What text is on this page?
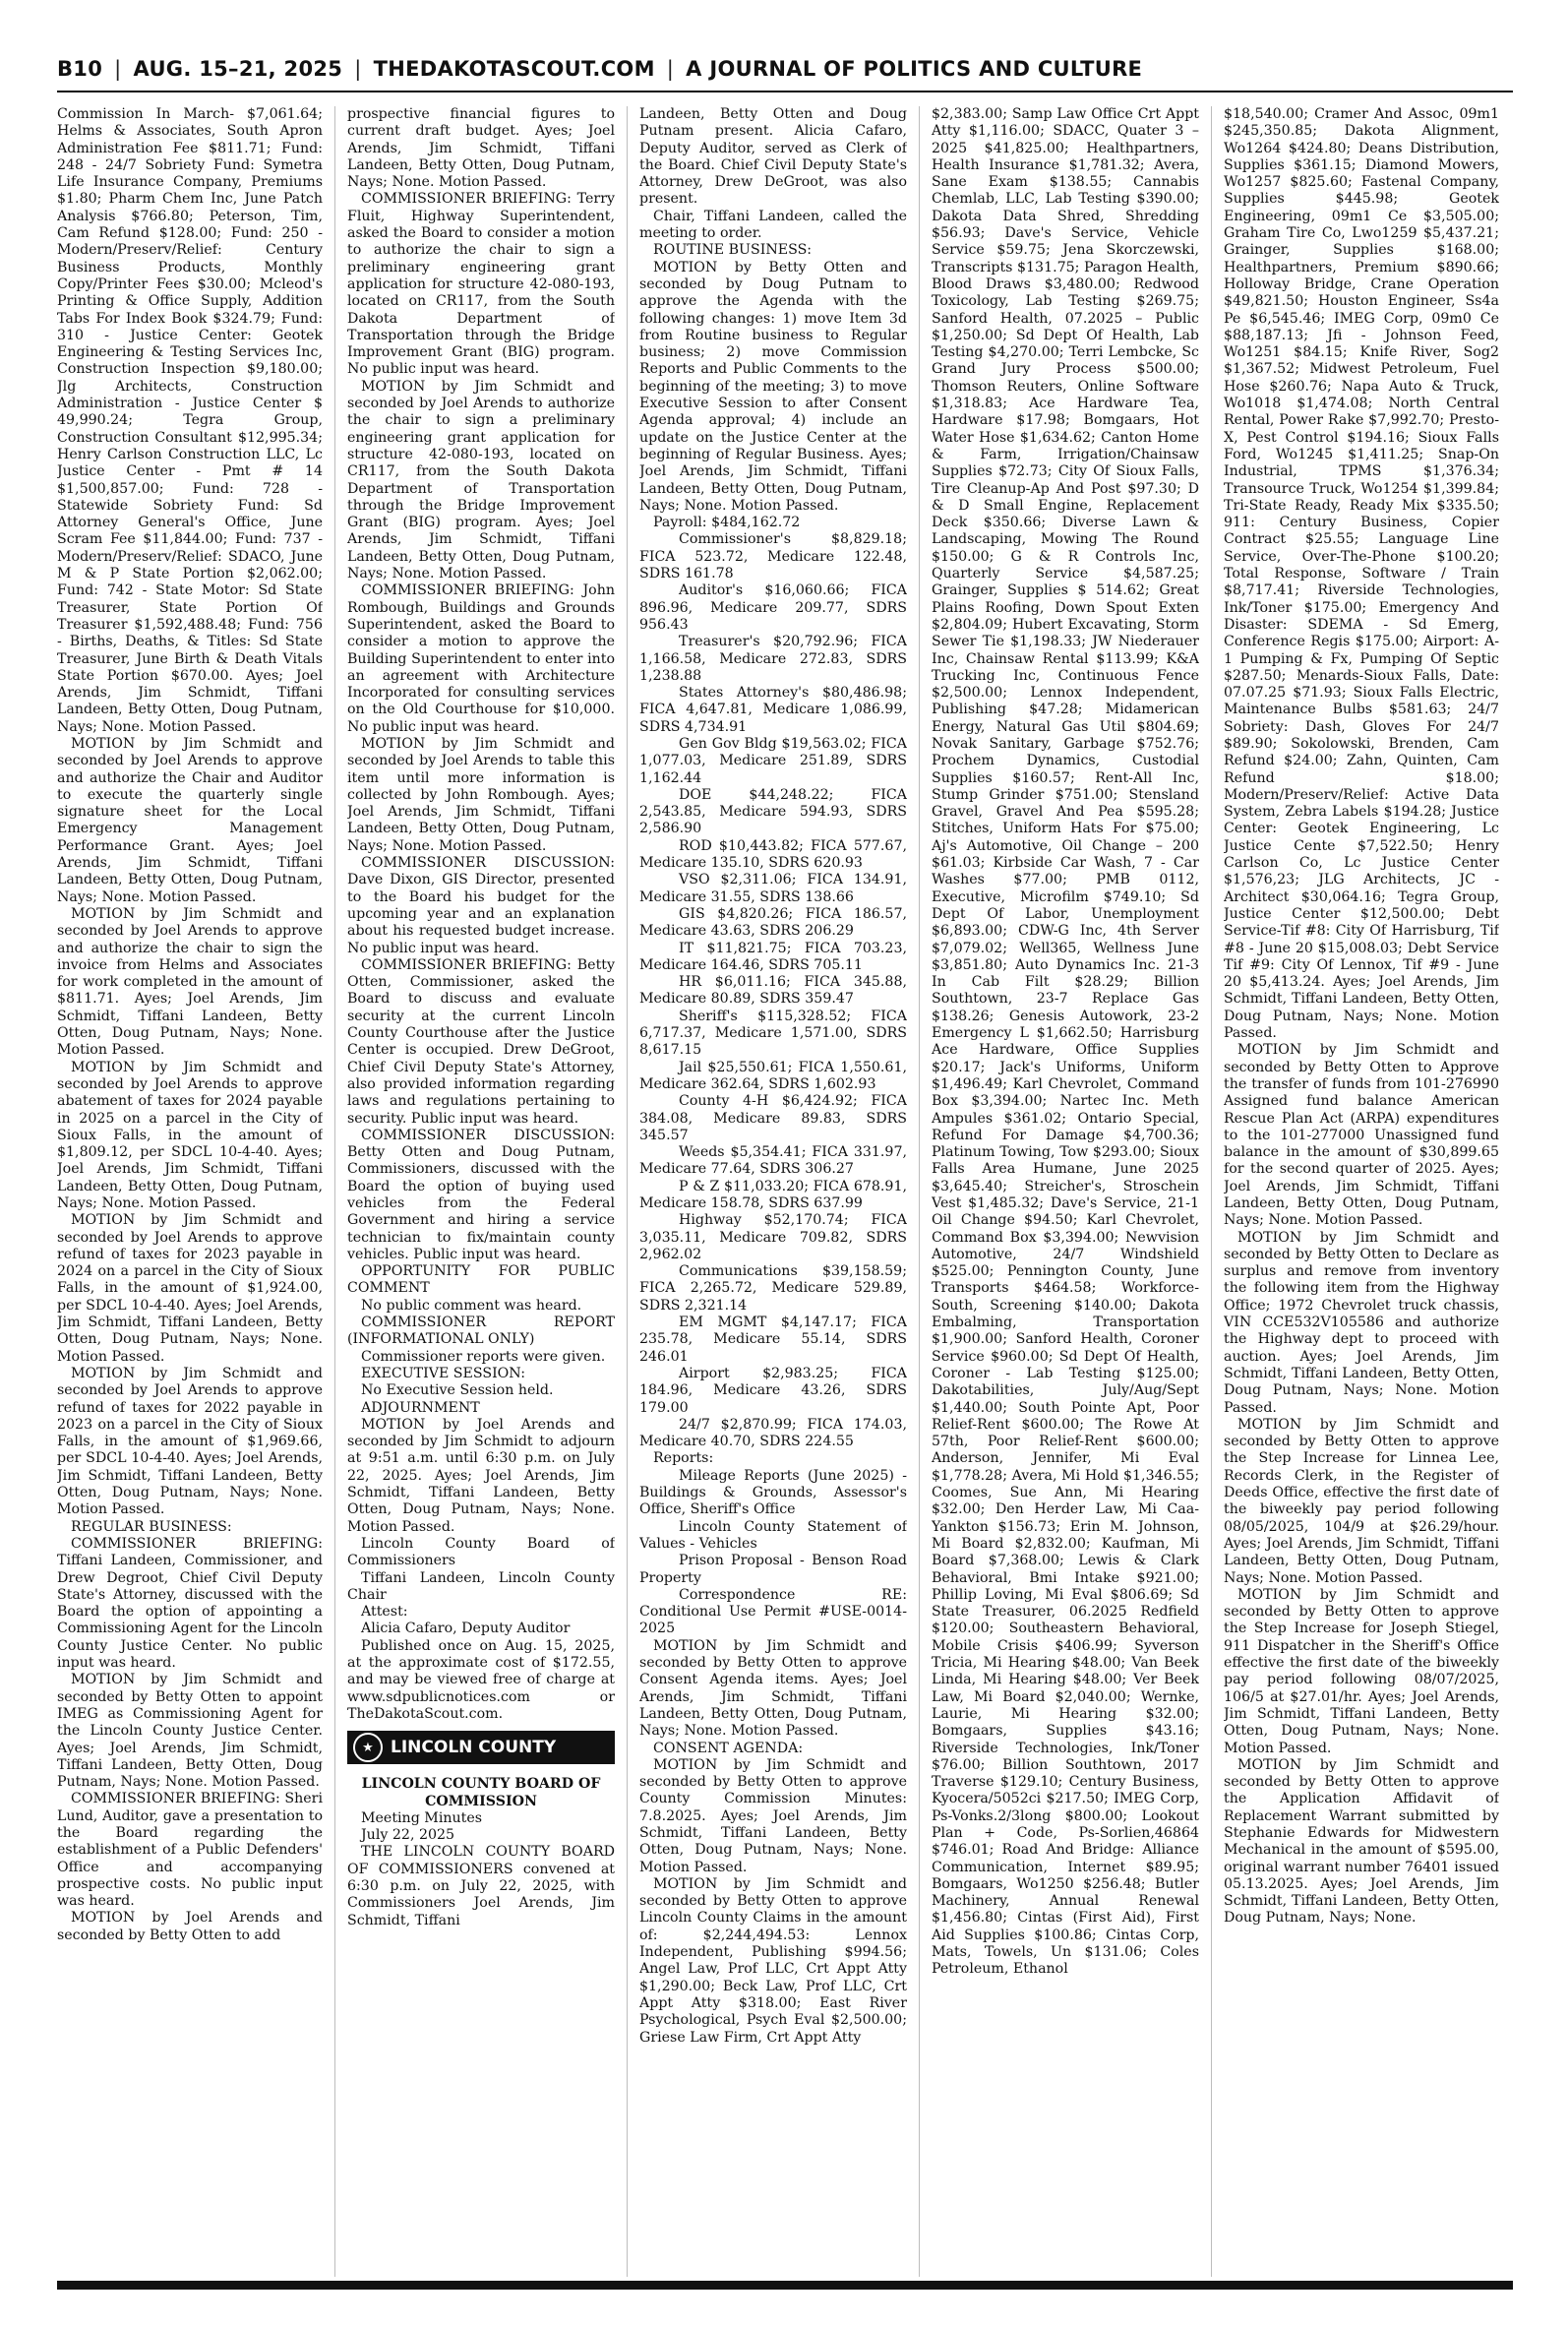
B10 | AUG. 15–21, 2025 | THEDAKOTASCOUT.COM | A JOURNAL OF POLITICS AND CULTURE

Commission In March- $7,061.64; Helms & Associates, South Apron Administration Fee $811.71; Fund: 248 - 24/7 Sobriety Fund: Symetra Life Insurance Company, Premiums $1.80; Pharm Chem Inc, June Patch Analysis $766.80; Peterson, Tim, Cam Refund $128.00; Fund: 250 - Modern/Preserv/Relief: Century Business Products, Monthly Copy/Printer Fees $30.00; Mcleod's Printing & Office Supply, Addition Tabs For Index Book $324.79; Fund: 310 - Justice Center: Geotek Engineering & Testing Services Inc, Construction Inspection $9,180.00; Jlg Architects, Construction Administration - Justice Center $ 49,990.24; Tegra Group, Construction Consultant $12,995.34; Henry Carlson Construction LLC, Lc Justice Center - Pmt # 14 $1,500,857.00; Fund: 728 - Statewide Sobriety Fund: Sd Attorney General's Office, June Scram Fee $11,844.00; Fund: 737 - Modern/Preserv/Relief: SDACO, June M & P State Portion $2,062.00; Fund: 742 - State Motor: Sd State Treasurer, State Portion Of Treasurer $1,592,488.48; Fund: 756 - Births, Deaths, & Titles: Sd State Treasurer, June Birth & Death Vitals State Portion $670.00. Ayes; Joel Arends, Jim Schmidt, Tiffani Landeen, Betty Otten, Doug Putnam, Nays; None. Motion Passed.

MOTION by Jim Schmidt and seconded by Joel Arends to approve and authorize the Chair and Auditor to execute the quarterly single signature sheet for the Local Emergency Management Performance Grant. Ayes; Joel Arends, Jim Schmidt, Tiffani Landeen, Betty Otten, Doug Putnam, Nays; None. Motion Passed.

MOTION by Jim Schmidt and seconded by Joel Arends to approve and authorize the chair to sign the invoice from Helms and Associates for work completed in the amount of $811.71. Ayes; Joel Arends, Jim Schmidt, Tiffani Landeen, Betty Otten, Doug Putnam, Nays; None. Motion Passed.

MOTION by Jim Schmidt and seconded by Joel Arends to approve abatement of taxes for 2024 payable in 2025 on a parcel in the City of Sioux Falls, in the amount of $1,809.12, per SDCL 10-4-40. Ayes; Joel Arends, Jim Schmidt, Tiffani Landeen, Betty Otten, Doug Putnam, Nays; None. Motion Passed.

MOTION by Jim Schmidt and seconded by Joel Arends to approve refund of taxes for 2023 payable in 2024 on a parcel in the City of Sioux Falls, in the amount of $1,924.00, per SDCL 10-4-40. Ayes; Joel Arends, Jim Schmidt, Tiffani Landeen, Betty Otten, Doug Putnam, Nays; None. Motion Passed.

MOTION by Jim Schmidt and seconded by Joel Arends to approve refund of taxes for 2022 payable in 2023 on a parcel in the City of Sioux Falls, in the amount of $1,969.66, per SDCL 10-4-40. Ayes; Joel Arends, Jim Schmidt, Tiffani Landeen, Betty Otten, Doug Putnam, Nays; None. Motion Passed.

REGULAR BUSINESS:

COMMISSIONER BRIEFING: Tiffani Landeen, Commissioner, and Drew Degroot, Chief Civil Deputy State's Attorney, discussed with the Board the option of appointing a Commissioning Agent for the Lincoln County Justice Center. No public input was heard.

MOTION by Jim Schmidt and seconded by Betty Otten to appoint IMEG as Commissioning Agent for the Lincoln County Justice Center. Ayes; Joel Arends, Jim Schmidt, Tiffani Landeen, Betty Otten, Doug Putnam, Nays; None. Motion Passed.

COMMISSIONER BRIEFING: Sheri Lund, Auditor, gave a presentation to the Board regarding the establishment of a Public Defenders' Office and accompanying prospective costs. No public input was heard.

MOTION by Joel Arends and seconded by Betty Otten to add

prospective financial figures to current draft budget. Ayes; Joel Arends, Jim Schmidt, Tiffani Landeen, Betty Otten, Doug Putnam, Nays; None. Motion Passed.

COMMISSIONER BRIEFING: Terry Fluit, Highway Superintendent, asked the Board to consider a motion to authorize the chair to sign a preliminary engineering grant application for structure 42-080-193, located on CR117, from the South Dakota Department of Transportation through the Bridge Improvement Grant (BIG) program. No public input was heard.

MOTION by Jim Schmidt and seconded by Joel Arends to authorize the chair to sign a preliminary engineering grant application for structure 42-080-193, located on CR117, from the South Dakota Department of Transportation through the Bridge Improvement Grant (BIG) program. Ayes; Joel Arends, Jim Schmidt, Tiffani Landeen, Betty Otten, Doug Putnam, Nays; None. Motion Passed.

COMMISSIONER BRIEFING: John Rombough, Buildings and Grounds Superintendent, asked the Board to consider a motion to approve the Building Superintendent to enter into an agreement with Architecture Incorporated for consulting services on the Old Courthouse for $10,000. No public input was heard.

MOTION by Jim Schmidt and seconded by Joel Arends to table this item until more information is collected by John Rombough. Ayes; Joel Arends, Jim Schmidt, Tiffani Landeen, Betty Otten, Doug Putnam, Nays; None. Motion Passed.

COMMISSIONER DISCUSSION: Dave Dixon, GIS Director, presented to the Board his budget for the upcoming year and an explanation about his requested budget increase. No public input was heard.

COMMISSIONER BRIEFING: Betty Otten, Commissioner, asked the Board to discuss and evaluate security at the current Lincoln County Courthouse after the Justice Center is occupied. Drew DeGroot, Chief Civil Deputy State's Attorney, also provided information regarding laws and regulations pertaining to security. Public input was heard.

COMMISSIONER DISCUSSION: Betty Otten and Doug Putnam, Commissioners, discussed with the Board the option of buying used vehicles from the Federal Government and hiring a service technician to fix/maintain county vehicles. Public input was heard.

OPPORTUNITY FOR PUBLIC COMMENT

No public comment was heard.

COMMISSIONER REPORT (INFORMATIONAL ONLY)

Commissioner reports were given.

EXECUTIVE SESSION:

No Executive Session held.

ADJOURNMENT

MOTION by Joel Arends and seconded by Jim Schmidt to adjourn at 9:51 a.m. until 6:30 p.m. on July 22, 2025. Ayes; Joel Arends, Jim Schmidt, Tiffani Landeen, Betty Otten, Doug Putnam, Nays; None. Motion Passed.

Lincoln County Board of Commissioners

Tiffani Landeen, Lincoln County Chair

Attest:

Alicia Cafaro, Deputy Auditor

Published once on Aug. 15, 2025, at the approximate cost of $172.55, and may be viewed free of charge at www.sdpublicnotices.com or TheDakotaScout.com.

★	LINCOLN COUNTY

LINCOLN COUNTY BOARD OF COMMISSION

Meeting Minutes

July 22, 2025

THE LINCOLN COUNTY BOARD OF COMMISSIONERS convened at 6:30 p.m. on July 22, 2025, with Commissioners Joel Arends, Jim Schmidt, Tiffani

Landeen, Betty Otten and Doug Putnam present. Alicia Cafaro, Deputy Auditor, served as Clerk of the Board. Chief Civil Deputy State's Attorney, Drew DeGroot, was also present.

Chair, Tiffani Landeen, called the meeting to order.

ROUTINE BUSINESS:

MOTION by Betty Otten and seconded by Doug Putnam to approve the Agenda with the following changes: 1) move Item 3d from Routine business to Regular business; 2) move Commission Reports and Public Comments to the beginning of the meeting; 3) to move Executive Session to after Consent Agenda approval; 4) include an update on the Justice Center at the beginning of Regular Business. Ayes; Joel Arends, Jim Schmidt, Tiffani Landeen, Betty Otten, Doug Putnam, Nays; None. Motion Passed.

Payroll: $484,162.72

Commissioner's $8,829.18; FICA 523.72, Medicare 122.48, SDRS 161.78

Auditor's $16,060.66; FICA 896.96, Medicare 209.77, SDRS 956.43

Treasurer's $20,792.96; FICA 1,166.58, Medicare 272.83, SDRS 1,238.88

States Attorney's $80,486.98; FICA 4,647.81, Medicare 1,086.99, SDRS 4,734.91

Gen Gov Bldg $19,563.02; FICA 1,077.03, Medicare 251.89, SDRS 1,162.44

DOE $44,248.22; FICA 2,543.85, Medicare 594.93, SDRS 2,586.90

ROD $10,443.82; FICA 577.67, Medicare 135.10, SDRS 620.93

VSO $2,311.06; FICA 134.91, Medicare 31.55, SDRS 138.66

GIS $4,820.26; FICA 186.57, Medicare 43.63, SDRS 206.29

IT $11,821.75; FICA 703.23, Medicare 164.46, SDRS 705.11

HR $6,011.16; FICA 345.88, Medicare 80.89, SDRS 359.47

Sheriff's $115,328.52; FICA 6,717.37, Medicare 1,571.00, SDRS 8,617.15

Jail $25,550.61; FICA 1,550.61, Medicare 362.64, SDRS 1,602.93

County 4-H $6,424.92; FICA 384.08, Medicare 89.83, SDRS 345.57

Weeds $5,354.41; FICA 331.97, Medicare 77.64, SDRS 306.27

P & Z $11,033.20; FICA 678.91, Medicare 158.78, SDRS 637.99

Highway $52,170.74; FICA 3,035.11, Medicare 709.82, SDRS 2,962.02

Communications $39,158.59; FICA 2,265.72, Medicare 529.89, SDRS 2,321.14

EM MGMT $4,147.17; FICA 235.78, Medicare 55.14, SDRS 246.01

Airport $2,983.25; FICA 184.96, Medicare 43.26, SDRS 179.00

24/7 $2,870.99; FICA 174.03, Medicare 40.70, SDRS 224.55

Reports:

Mileage Reports (June 2025) - Buildings & Grounds, Assessor's Office, Sheriff's Office

Lincoln County Statement of Values - Vehicles

Prison Proposal - Benson Road Property

Correspondence RE: Conditional Use Permit #USE-0014-2025

MOTION by Jim Schmidt and seconded by Betty Otten to approve Consent Agenda items. Ayes; Joel Arends, Jim Schmidt, Tiffani Landeen, Betty Otten, Doug Putnam, Nays; None. Motion Passed.

CONSENT AGENDA:

MOTION by Jim Schmidt and seconded by Betty Otten to approve County Commission Minutes: 7.8.2025. Ayes; Joel Arends, Jim Schmidt, Tiffani Landeen, Betty Otten, Doug Putnam, Nays; None. Motion Passed.

MOTION by Jim Schmidt and seconded by Betty Otten to approve Lincoln County Claims in the amount of: $2,244,494.53: Lennox Independent, Publishing $994.56; Angel Law, Prof LLC, Crt Appt Atty $1,290.00; Beck Law, Prof LLC, Crt Appt Atty $318.00; East River Psychological, Psych Eval $2,500.00; Griese Law Firm, Crt Appt Atty

$2,383.00; Samp Law Office Crt Appt Atty $1,116.00; SDACC, Quater 3 – 2025 $41,825.00; Healthpartners, Health Insurance $1,781.32; Avera, Sane Exam $138.55; Cannabis Chemlab, LLC, Lab Testing $390.00; Dakota Data Shred, Shredding $56.93; Dave's Service, Vehicle Service $59.75; Jena Skorczewski, Transcripts $131.75; Paragon Health, Blood Draws $3,480.00; Redwood Toxicology, Lab Testing $269.75; Sanford Health, 07.2025 – Public $1,250.00; Sd Dept Of Health, Lab Testing $4,270.00; Terri Lembcke, Sc Grand Jury Process $500.00; Thomson Reuters, Online Software $1,318.83; Ace Hardware Tea, Hardware $17.98; Bomgaars, Hot Water Hose $1,634.62; Canton Home & Farm, Irrigation/Chainsaw Supplies $72.73; City Of Sioux Falls, Tire Cleanup-Ap And Post $97.30; D & D Small Engine, Replacement Deck $350.66; Diverse Lawn & Landscaping, Mowing The Round $150.00; G & R Controls Inc, Quarterly Service $4,587.25; Grainger, Supplies $ 514.62; Great Plains Roofing, Down Spout Exten $2,804.09; Hubert Excavating, Storm Sewer Tie $1,198.33; JW Niederauer Inc, Chainsaw Rental $113.99; K&A Trucking Inc, Continuous Fence $2,500.00; Lennox Independent, Publishing $47.28; Midamerican Energy, Natural Gas Util $804.69; Novak Sanitary, Garbage $752.76; Prochem Dynamics, Custodial Supplies $160.57; Rent-All Inc, Stump Grinder $751.00; Stensland Gravel, Gravel And Pea $595.28; Stitches, Uniform Hats For $75.00; Aj's Automotive, Oil Change – 200 $61.03; Kirbside Car Wash, 7 - Car Washes $77.00; PMB 0112, Executive, Microfilm $749.10; Sd Dept Of Labor, Unemployment $6,893.00; CDW-G Inc, 4th Server $7,079.02; Well365, Wellness June $3,851.80; Auto Dynamics Inc. 21-3 In Cab Filt $28.29; Billion Southtown, 23-7 Replace Gas $138.26; Genesis Autowork, 23-2 Emergency L $1,662.50; Harrisburg Ace Hardware, Office Supplies $20.17; Jack's Uniforms, Uniform $1,496.49; Karl Chevrolet, Command Box $3,394.00; Nartec Inc. Meth Ampules $361.02; Ontario Special, Refund For Damage $4,700.36; Platinum Towing, Tow $293.00; Sioux Falls Area Humane, June 2025 $3,645.40; Streicher's, Stroschein Vest $1,485.32; Dave's Service, 21-1 Oil Change $94.50; Karl Chevrolet, Command Box $3,394.00; Newvision Automotive, 24/7 Windshield $525.00; Pennington County, June Transports $464.58; Workforce-South, Screening $140.00; Dakota Embalming, Transportation $1,900.00; Sanford Health, Coroner Service $960.00; Sd Dept Of Health, Coroner - Lab Testing $125.00; Dakotabilities, July/Aug/Sept $1,440.00; South Pointe Apt, Poor Relief-Rent $600.00; The Rowe At 57th, Poor Relief-Rent $600.00; Anderson, Jennifer, Mi Eval $1,778.28; Avera, Mi Hold $1,346.55; Coomes, Sue Ann, Mi Hearing $32.00; Den Herder Law, Mi Caa-Yankton $156.73; Erin M. Johnson, Mi Board $2,832.00; Kaufman, Mi Board $7,368.00; Lewis & Clark Behavioral, Bmi Intake $921.00; Phillip Loving, Mi Eval $806.69; Sd State Treasurer, 06.2025 Redfield $120.00; Southeastern Behavioral, Mobile Crisis $406.99; Syverson Tricia, Mi Hearing $48.00; Van Beek Linda, Mi Hearing $48.00; Ver Beek Law, Mi Board $2,040.00; Wernke, Laurie, Mi Hearing $32.00; Bomgaars, Supplies $43.16; Riverside Technologies, Ink/Toner $76.00; Billion Southtown, 2017 Traverse $129.10; Century Business, Kyocera/5052ci $217.50; IMEG Corp, Ps-Vonks.2/3long $800.00; Lookout Plan + Code, Ps-Sorlien,46864 $746.01; Road And Bridge: Alliance Communication, Internet $89.95; Bomgaars, Wo1250 $256.48; Butler Machinery, Annual Renewal $1,456.80; Cintas (First Aid), First Aid Supplies $100.86; Cintas Corp, Mats, Towels, Un $131.06; Coles Petroleum, Ethanol

$18,540.00; Cramer And Assoc, 09m1 $245,350.85; Dakota Alignment, Wo1264 $424.80; Deans Distribution, Supplies $361.15; Diamond Mowers, Wo1257 $825.60; Fastenal Company, Supplies $445.98; Geotek Engineering, 09m1 Ce $3,505.00; Graham Tire Co, Lwo1259 $5,437.21; Grainger, Supplies $168.00; Healthpartners, Premium $890.66; Holloway Bridge, Crane Operation $49,821.50; Houston Engineer, Ss4a Pe $6,545.46; IMEG Corp, 09m0 Ce $88,187.13; Jfi - Johnson Feed, Wo1251 $84.15; Knife River, Sog2 $1,367.52; Midwest Petroleum, Fuel Hose $260.76; Napa Auto & Truck, Wo1018 $1,474.08; North Central Rental, Power Rake $7,992.70; Presto-X, Pest Control $194.16; Sioux Falls Ford, Wo1245 $1,411.25; Snap-On Industrial, TPMS $1,376.34; Transource Truck, Wo1254 $1,399.84; Tri-State Ready, Ready Mix $335.50; 911: Century Business, Copier Contract $25.55; Language Line Service, Over-The-Phone $100.20; Total Response, Software / Train $8,717.41; Riverside Technologies, Ink/Toner $175.00; Emergency And Disaster: SDEMA - Sd Emerg, Conference Regis $175.00; Airport: A-1 Pumping & Fx, Pumping Of Septic $287.50; Menards-Sioux Falls, Date: 07.07.25 $71.93; Sioux Falls Electric, Maintenance Bulbs $581.63; 24/7 Sobriety: Dash, Gloves For 24/7 $89.90; Sokolowski, Brenden, Cam Refund $24.00; Zahn, Quinten, Cam Refund $18.00; Modern/Preserv/Relief: Active Data System, Zebra Labels $194.28; Justice Center: Geotek Engineering, Lc Justice Cente $7,522.50; Henry Carlson Co, Lc Justice Center $1,576,23; JLG Architects, JC - Architect $30,064.16; Tegra Group, Justice Center $12,500.00; Debt Service-Tif #8: City Of Harrisburg, Tif #8 - June 20 $15,008.03; Debt Service Tif #9: City Of Lennox, Tif #9 - June 20 $5,413.24. Ayes; Joel Arends, Jim Schmidt, Tiffani Landeen, Betty Otten, Doug Putnam, Nays; None. Motion Passed.

MOTION by Jim Schmidt and seconded by Betty Otten to Approve the transfer of funds from 101-276990 Assigned fund balance American Rescue Plan Act (ARPA) expenditures to the 101-277000 Unassigned fund balance in the amount of $30,899.65 for the second quarter of 2025. Ayes; Joel Arends, Jim Schmidt, Tiffani Landeen, Betty Otten, Doug Putnam, Nays; None. Motion Passed.

MOTION by Jim Schmidt and seconded by Betty Otten to Declare as surplus and remove from inventory the following item from the Highway Office; 1972 Chevrolet truck chassis, VIN CCE532V105586 and authorize the Highway dept to proceed with auction. Ayes; Joel Arends, Jim Schmidt, Tiffani Landeen, Betty Otten, Doug Putnam, Nays; None. Motion Passed.

MOTION by Jim Schmidt and seconded by Betty Otten to approve the Step Increase for Linnea Lee, Records Clerk, in the Register of Deeds Office, effective the first date of the biweekly pay period following 08/05/2025, 104/9 at $26.29/hour. Ayes; Joel Arends, Jim Schmidt, Tiffani Landeen, Betty Otten, Doug Putnam, Nays; None. Motion Passed.

MOTION by Jim Schmidt and seconded by Betty Otten to approve the Step Increase for Joseph Stiegel, 911 Dispatcher in the Sheriff's Office effective the first date of the biweekly pay period following 08/07/2025, 106/5 at $27.01/hr. Ayes; Joel Arends, Jim Schmidt, Tiffani Landeen, Betty Otten, Doug Putnam, Nays; None. Motion Passed.

MOTION by Jim Schmidt and seconded by Betty Otten to approve the Application Affidavit of Replacement Warrant submitted by Stephanie Edwards for Midwestern Mechanical in the amount of $595.00, original warrant number 76401 issued 05.13.2025. Ayes; Joel Arends, Jim Schmidt, Tiffani Landeen, Betty Otten, Doug Putnam, Nays; None.
